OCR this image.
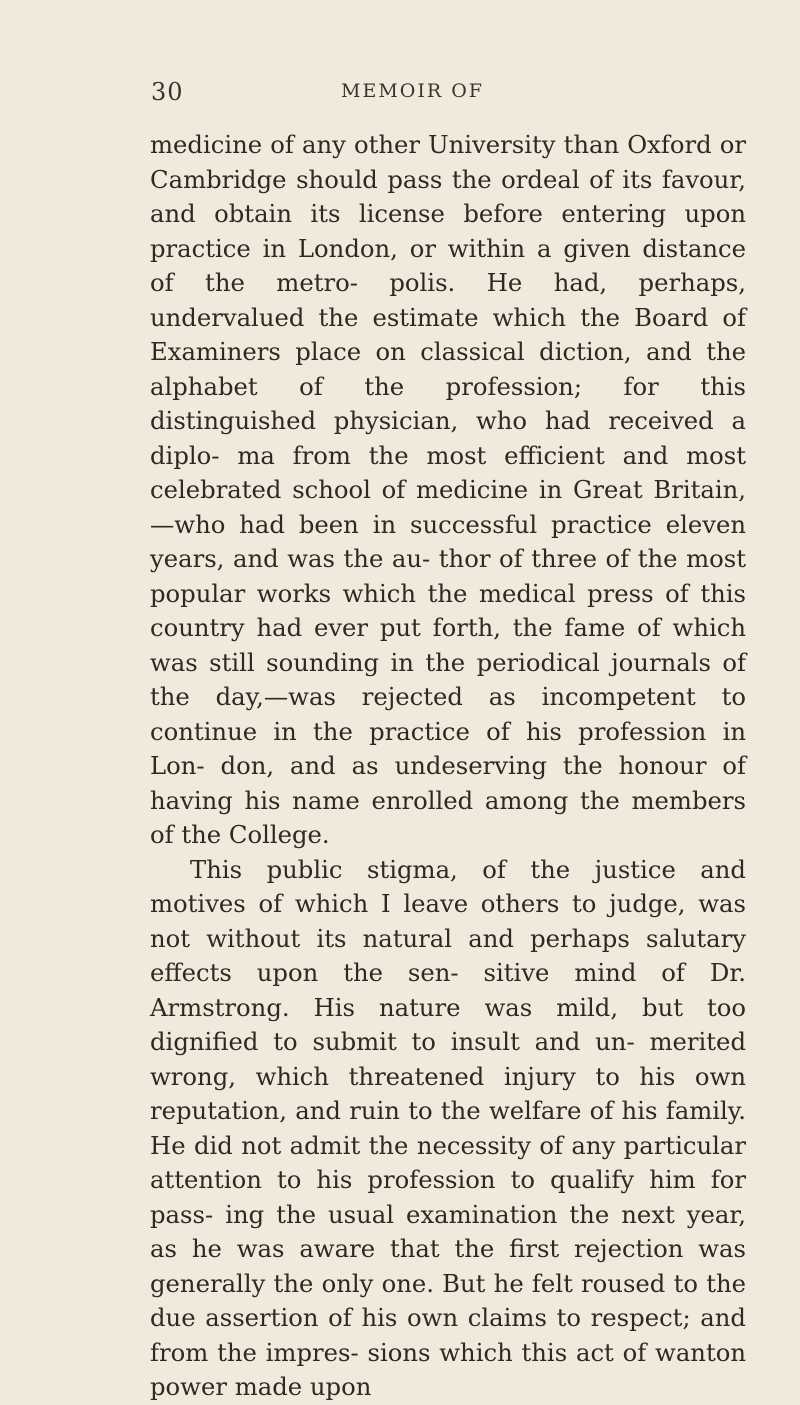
30	MEMOIR OF

medicine of any other University than Oxford or Cambridge should pass the ordeal of its favour, and obtain its license before entering upon practice in London, or within a given distance of the metro- polis. He had, perhaps, undervalued the estimate which the Board of Examiners place on classical diction, and the alphabet of the profession; for this distinguished physician, who had received a diplo- ma from the most efficient and most celebrated school of medicine in Great Britain,—who had been in successful practice eleven years, and was the au- thor of three of the most popular works which the medical press of this country had ever put forth, the fame of which was still sounding in the periodical journals of the day,—was rejected as incompetent to continue in the practice of his profession in Lon- don, and as undeserving the honour of having his name enrolled among the members of the College.

This public stigma, of the justice and motives of which I leave others to judge, was not without its natural and perhaps salutary effects upon the sen- sitive mind of Dr. Armstrong. His nature was mild, but too dignified to submit to insult and un- merited wrong, which threatened injury to his own reputation, and ruin to the welfare of his family. He did not admit the necessity of any particular attention to his profession to qualify him for pass- ing the usual examination the next year, as he was aware that the first rejection was generally the only one. But he felt roused to the due assertion of his own claims to respect; and from the impres- sions which this act of wanton power made upon
